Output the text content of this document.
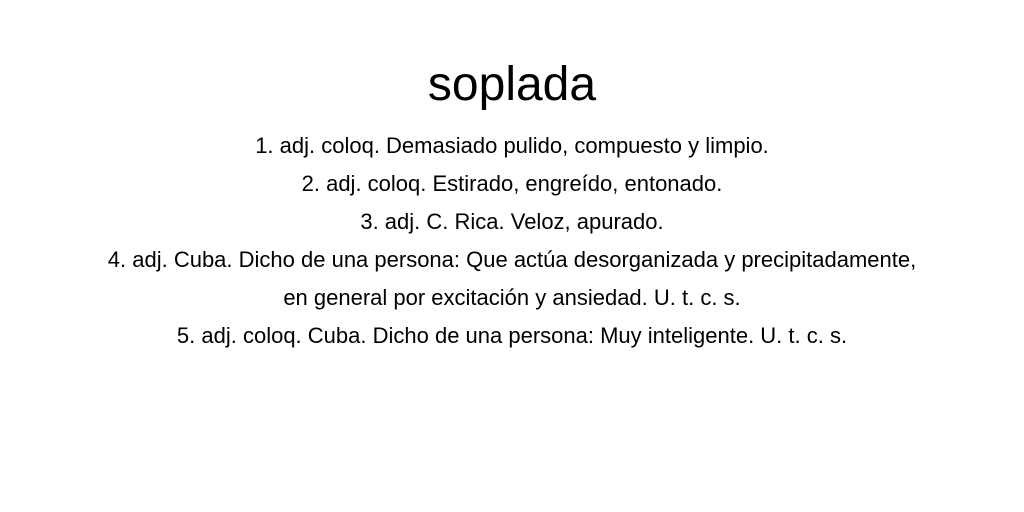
soplada
1. adj. coloq. Demasiado pulido, compuesto y limpio.
2. adj. coloq. Estirado, engreído, entonado.
3. adj. C. Rica. Veloz, apurado.
4. adj. Cuba. Dicho de una persona: Que actúa desorganizada y precipitadamente,
en general por excitación y ansiedad. U. t. c. s.
5. adj. coloq. Cuba. Dicho de una persona: Muy inteligente. U. t. c. s.
